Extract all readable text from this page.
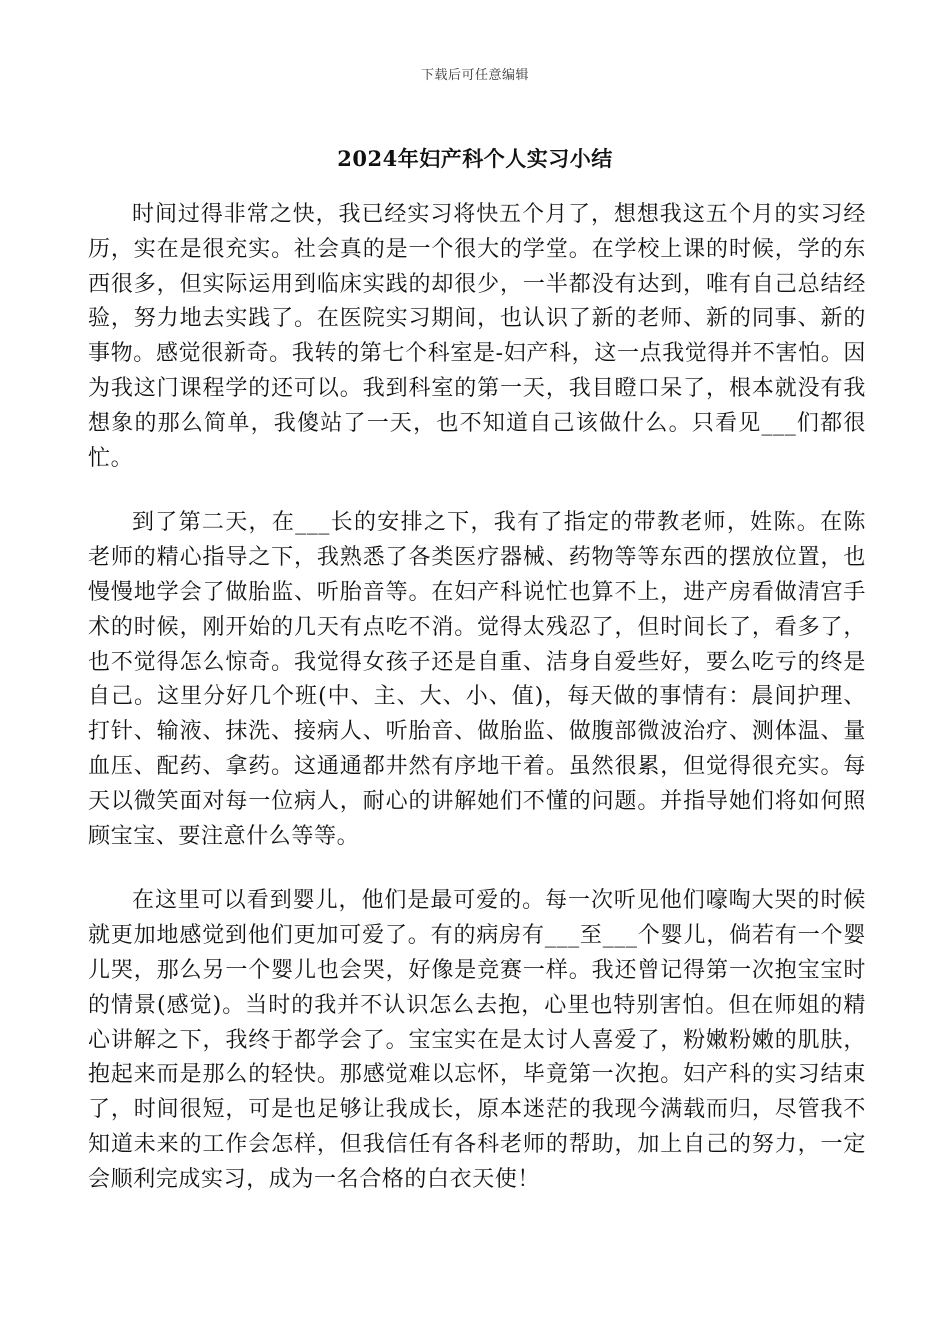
下载后可任意编辑
2024年妇产科个人实习小结

时间过得非常之快，我已经实习将快五个月了，想想我这五个月的实习经历，实在是很充实。社会真的是一个很大的学堂。在学校上课的时候，学的东西很多，但实际运用到临床实践的却很少，一半都没有达到，唯有自己总结经验，努力地去实践了。在医院实习期间，也认识了新的老师、新的同事、新的事物。感觉很新奇。我转的第七个科室是-妇产科，这一点我觉得并不害怕。因为我这门课程学的还可以。我到科室的第一天，我目瞪口呆了，根本就没有我想象的那么简单，我傻站了一天，也不知道自己该做什么。只看见___们都很忙。

到了第二天，在___长的安排之下，我有了指定的带教老师，姓陈。在陈老师的精心指导之下，我熟悉了各类医疗器械、药物等等东西的摆放位置，也慢慢地学会了做胎监、听胎音等。在妇产科说忙也算不上，进产房看做清宫手术的时候，刚开始的几天有点吃不消。觉得太残忍了，但时间长了，看多了，也不觉得怎么惊奇。我觉得女孩子还是自重、洁身自爱些好，要么吃亏的终是自己。这里分好几个班(中、主、大、小、值)，每天做的事情有：晨间护理、打针、输液、抹洗、接病人、听胎音、做胎监、做腹部微波治疗、测体温、量血压、配药、拿药。这通通都井然有序地干着。虽然很累，但觉得很充实。每天以微笑面对每一位病人，耐心的讲解她们不懂的问题。并指导她们将如何照顾宝宝、要注意什么等等。

在这里可以看到婴儿，他们是最可爱的。每一次听见他们嚎啕大哭的时候就更加地感觉到他们更加可爱了。有的病房有___至___个婴儿，倘若有一个婴儿哭，那么另一个婴儿也会哭，好像是竞赛一样。我还曾记得第一次抱宝宝时的情景(感觉)。当时的我并不认识怎么去抱，心里也特别害怕。但在师姐的精心讲解之下，我终于都学会了。宝宝实在是太讨人喜爱了，粉嫩粉嫩的肌肤，抱起来而是那么的轻快。那感觉难以忘怀，毕竟第一次抱。妇产科的实习结束了，时间很短，可是也足够让我成长，原本迷茫的我现今满载而归，尽管我不知道未来的工作会怎样，但我信任有各科老师的帮助，加上自己的努力，一定会顺利完成实习，成为一名合格的白衣天使！
